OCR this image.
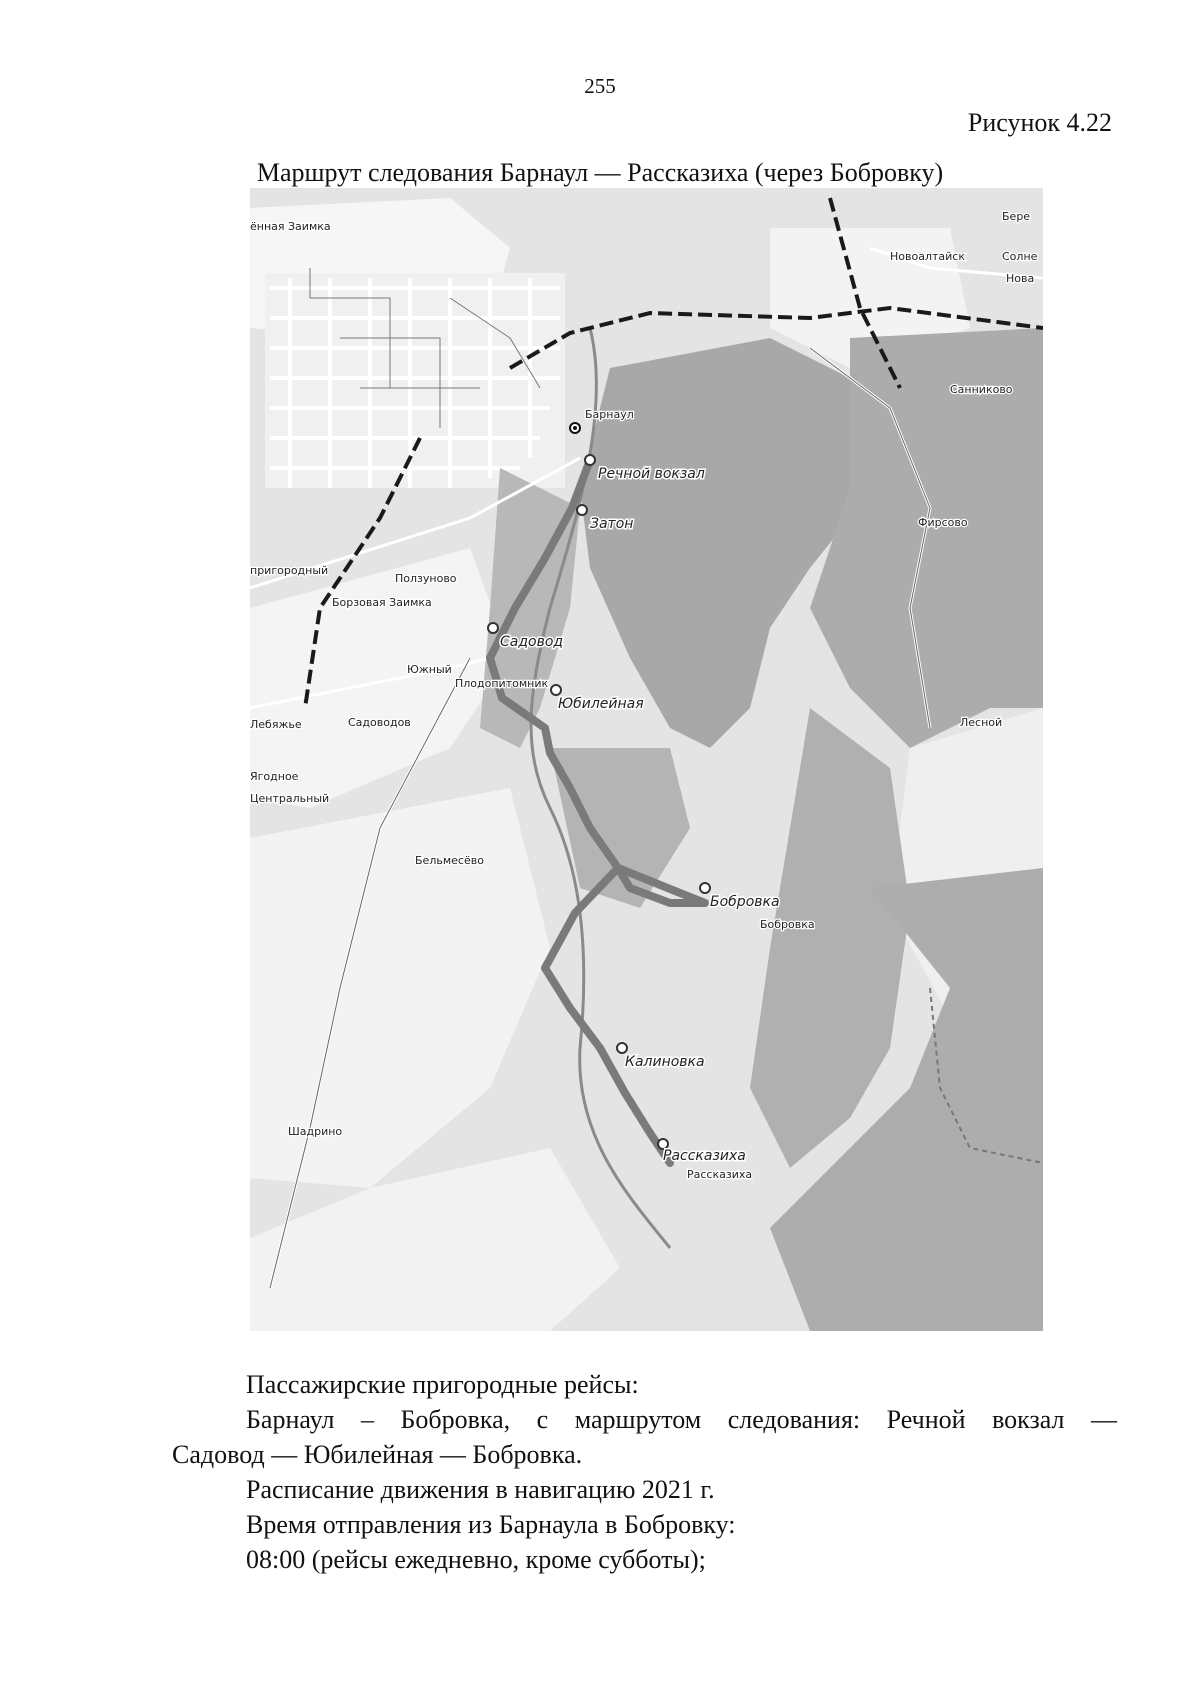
255
Рисунок 4.22
Маршрут следования Барнаул — Рассказиха (через Бобровку)
Речной вокзал
Затон
Садовод
Юбилейная
Бобровка
Калиновка
Рассказиха
ённая Заимка
Бере
Новоалтайск	Солне
Новa
Барнаул
Санниково
Фирсово
пригородный
Ползуново
Борзовая Заимка
Южный
Плодопитомник
Лебяжье	Садоводов	Лесной
Ягодное
Центральный
Бельмесёво
Бобровка
Шадрино
Рассказиха

Пассажирские пригородные рейсы:

Барнаул – Бобровка, с маршрутом следования: Речной вокзал —

Садовод — Юбилейная — Бобровка.

Расписание движения в навигацию 2021 г.

Время отправления из Барнаула в Бобровку:

08:00 (рейсы ежедневно, кроме субботы);
